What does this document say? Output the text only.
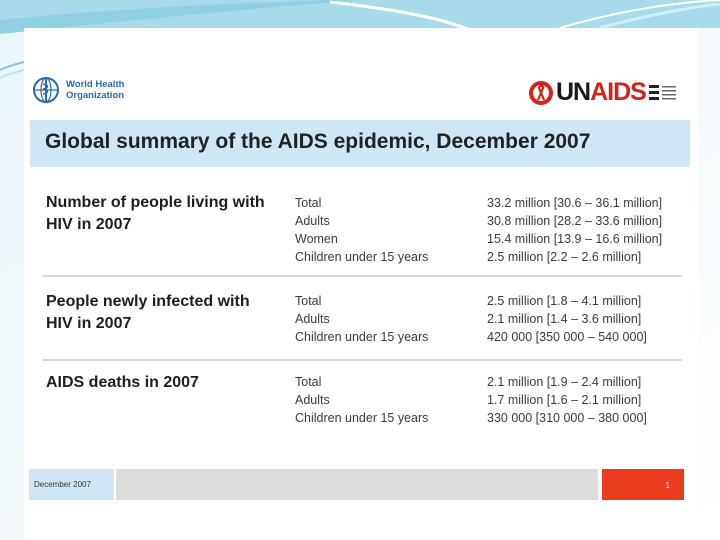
World Health Organization	UNAIDS
Global summary of the AIDS epidemic, December 2007
Number of people living with HIV in 2007
Total	33.2 million [30.6 – 36.1 million]
Adults	30.8 million [28.2 – 33.6 million]
Women	15.4 million [13.9 – 16.6 million]
Children under 15 years	2.5 million [2.2 – 2.6 million]
People newly infected with HIV in 2007
Total	2.5 million [1.8 – 4.1 million]
Adults	2.1 million [1.4 – 3.6 million]
Children under 15 years	420 000 [350 000 – 540 000]
AIDS deaths in 2007	Total	2.1 million [1.9 – 2.4 million]
Adults	1.7 million [1.6 – 2.1 million]
Children under 15 years	330 000 [310 000 – 380 000]
December 2007	1
